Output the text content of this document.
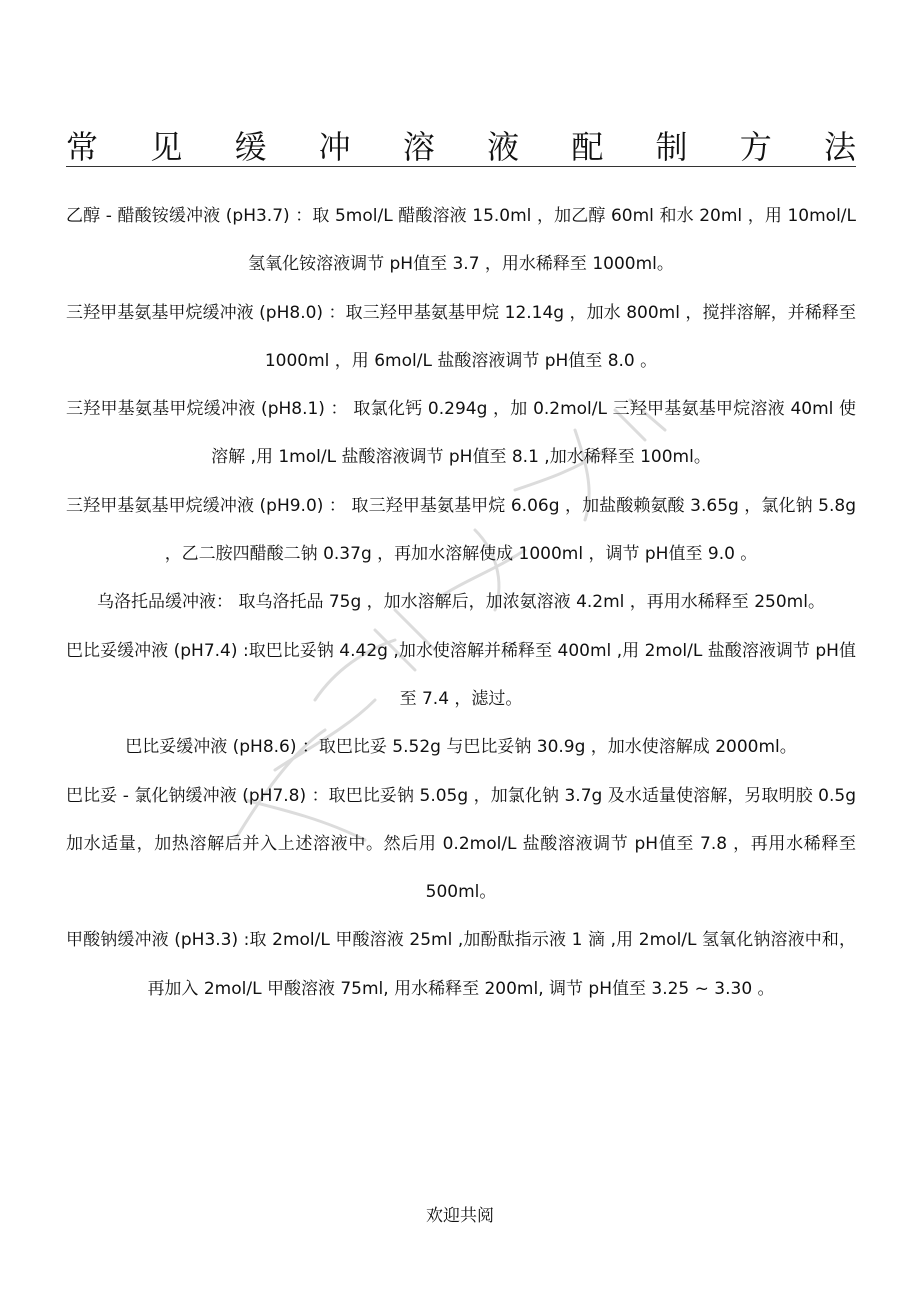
常 见 缓 冲 溶 液 配 制 方 法

乙醇 - 醋酸铵缓冲液 (pH3.7) ：取 5mol/L 醋酸溶液 15.0ml ，加乙醇 60ml 和水 20ml ，用 10mol/L 氢氧化铵溶液调节 pH值至 3.7 ，用水稀释至 1000ml。

三羟甲基氨基甲烷缓冲液 (pH8.0) ：取三羟甲基氨基甲烷 12.14g ，加水 800ml ，搅拌溶解，并稀释至 1000ml ，用 6mol/L 盐酸溶液调节 pH值至 8.0 。

三羟甲基氨基甲烷缓冲液 (pH8.1) ： 取氯化钙 0.294g ，加 0.2mol/L 三羟甲基氨基甲烷溶液 40ml 使溶解 ,用 1mol/L 盐酸溶液调节 pH值至 8.1 ,加水稀释至 100ml。

三羟甲基氨基甲烷缓冲液 (pH9.0) ： 取三羟甲基氨基甲烷 6.06g ，加盐酸赖氨酸 3.65g ，氯化钠 5.8g ，乙二胺四醋酸二钠 0.37g ，再加水溶解使成 1000ml ，调节 pH值至 9.0 。

乌洛托品缓冲液： 取乌洛托品 75g ，加水溶解后，加浓氨溶液 4.2ml ，再用水稀释至 250ml。

巴比妥缓冲液 (pH7.4) :取巴比妥钠 4.42g ,加水使溶解并稀释至 400ml ,用 2mol/L 盐酸溶液调节 pH值至 7.4 ，滤过。

巴比妥缓冲液 (pH8.6) ：取巴比妥 5.52g 与巴比妥钠 30.9g ，加水使溶解成 2000ml。

巴比妥 - 氯化钠缓冲液 (pH7.8) ：取巴比妥钠 5.05g ，加氯化钠 3.7g 及水适量使溶解，另取明胶 0.5g 加水适量，加热溶解后并入上述溶液中。然后用 0.2mol/L 盐酸溶液调节 pH值至 7.8 ，再用水稀释至 500ml。

甲酸钠缓冲液 (pH3.3) :取 2mol/L 甲酸溶液 25ml ,加酚酞指示液 1 滴 ,用 2mol/L 氢氧化钠溶液中和，再加入 2mol/L 甲酸溶液 75ml, 用水稀释至 200ml, 调节 pH值至 3.25 ~ 3.30 。

欢迎共阅
